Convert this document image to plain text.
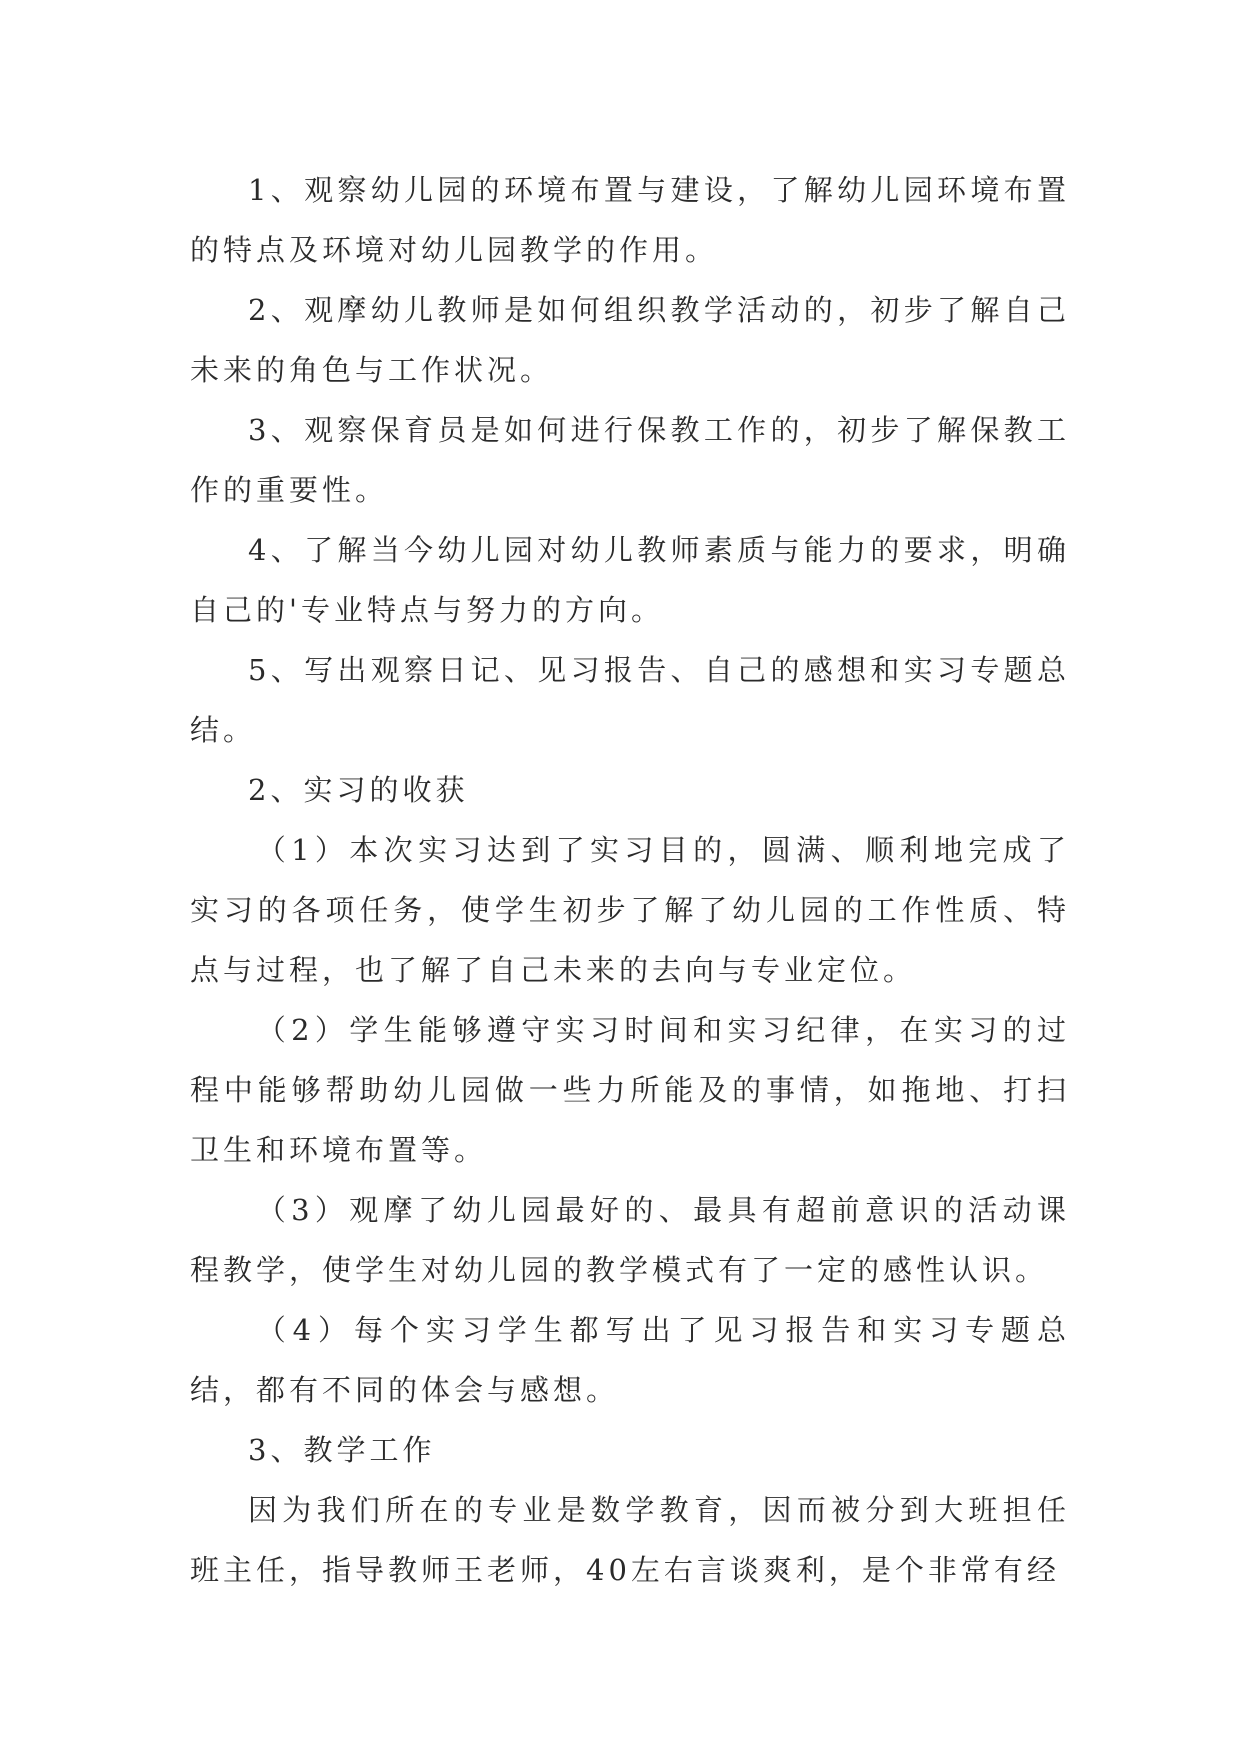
1、观察幼儿园的环境布置与建设，了解幼儿园环境布置的特点及环境对幼儿园教学的作用。

2、观摩幼儿教师是如何组织教学活动的，初步了解自己未来的角色与工作状况。

3、观察保育员是如何进行保教工作的，初步了解保教工作的重要性。

4、了解当今幼儿园对幼儿教师素质与能力的要求，明确自己的'专业特点与努力的方向。

5、写出观察日记、见习报告、自己的感想和实习专题总结。

2、实习的收获

（1）本次实习达到了实习目的，圆满、顺利地完成了实习的各项任务，使学生初步了解了幼儿园的工作性质、特点与过程，也了解了自己未来的去向与专业定位。

（2）学生能够遵守实习时间和实习纪律，在实习的过程中能够帮助幼儿园做一些力所能及的事情，如拖地、打扫卫生和环境布置等。

（3）观摩了幼儿园最好的、最具有超前意识的活动课程教学，使学生对幼儿园的教学模式有了一定的感性认识。

（4）每个实习学生都写出了见习报告和实习专题总结，都有不同的体会与感想。

3、教学工作

因为我们所在的专业是数学教育，因而被分到大班担任班主任，指导教师王老师，40左右言谈爽利，是个非常有经
